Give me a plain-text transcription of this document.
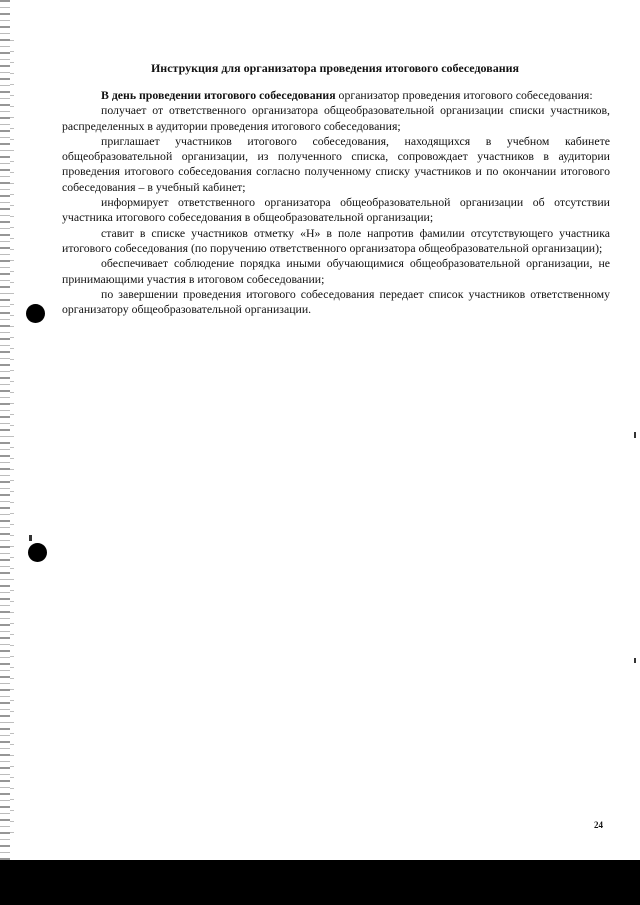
Инструкция для организатора проведения итогового собеседования

В день проведении итогового собеседования организатор проведения итогового собеседования:

получает от ответственного организатора общеобразовательной организации списки участников, распределенных в аудитории проведения итогового собеседования;

приглашает участников итогового собеседования, находящихся в учебном кабинете общеобразовательной организации, из полученного списка, сопровождает участников в аудитории проведения итогового собеседования согласно полученному списку участников и по окончании итогового собеседования – в учебный кабинет;

информирует ответственного организатора общеобразовательной организации об отсутствии участника итогового собеседования в общеобразовательной организации;

ставит в списке участников отметку «Н» в поле напротив фамилии отсутствующего участника итогового собеседования (по поручению ответственного организатора общеобразовательной организации);

обеспечивает соблюдение порядка иными обучающимися общеобразовательной организации, не принимающими участия в итоговом собеседовании;

по завершении проведения итогового собеседования передает список участников ответственному организатору общеобразовательной организации.

24
